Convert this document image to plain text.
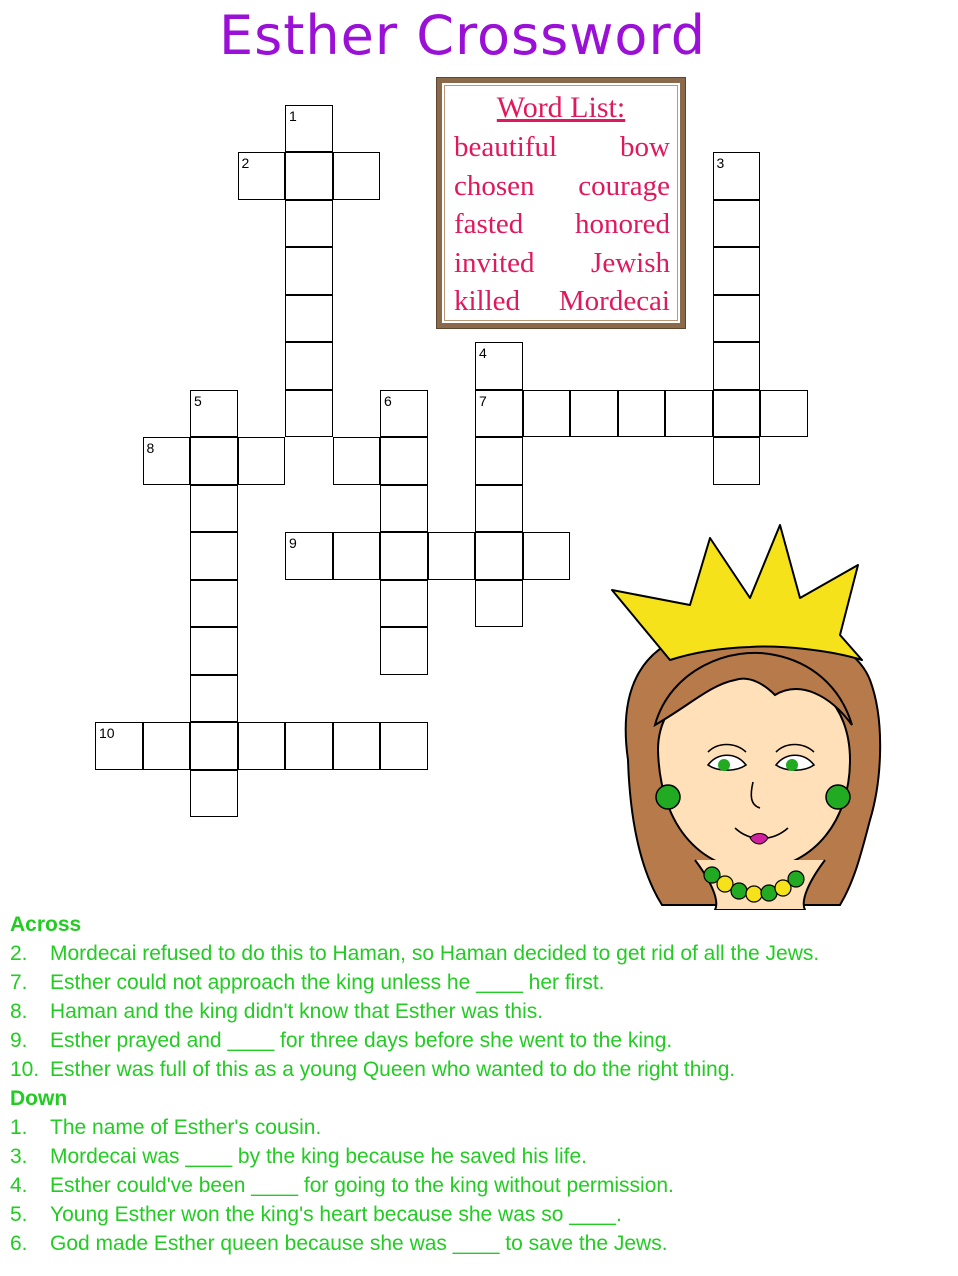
Esther Crossword
1
2	3
4
7
5	6
8
9
10
Word List:
beautiful bow
chosen courage
fasted honored
invited Jewish
killed Mordecai
Across
2. Mordecai refused to do this to Haman, so Haman decided to get rid of all the Jews.
7. Esther could not approach the king unless he ____ her first.
8. Haman and the king didn't know that Esther was this.
9. Esther prayed and ____ for three days before she went to the king.
10. Esther was full of this as a young Queen who wanted to do the right thing.
Down
1. The name of Esther's cousin.
3. Mordecai was ____ by the king because he saved his life.
4. Esther could've been ____ for going to the king without permission.
5. Young Esther won the king's heart because she was so ____.
6. God made Esther queen because she was ____ to save the Jews.
